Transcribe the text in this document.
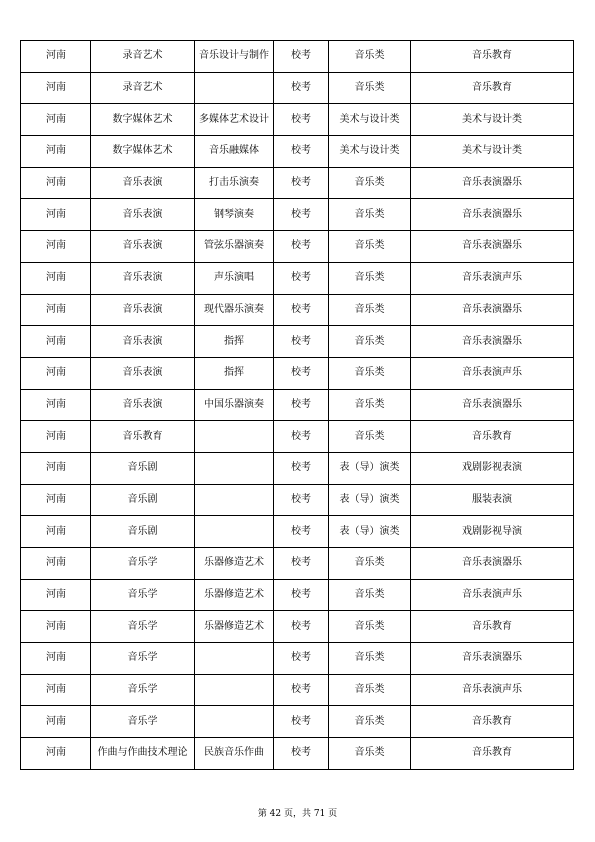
河南	录音艺术	音乐设计与制作	校考	音乐类	音乐教育
河南	录音艺术		校考	音乐类	音乐教育
河南	数字媒体艺术	多媒体艺术设计	校考	美术与设计类	美术与设计类
河南	数字媒体艺术	音乐融媒体	校考	美术与设计类	美术与设计类
河南	音乐表演	打击乐演奏	校考	音乐类	音乐表演器乐
河南	音乐表演	钢琴演奏	校考	音乐类	音乐表演器乐
河南	音乐表演	管弦乐器演奏	校考	音乐类	音乐表演器乐
河南	音乐表演	声乐演唱	校考	音乐类	音乐表演声乐
河南	音乐表演	现代器乐演奏	校考	音乐类	音乐表演器乐
河南	音乐表演	指挥	校考	音乐类	音乐表演器乐
河南	音乐表演	指挥	校考	音乐类	音乐表演声乐
河南	音乐表演	中国乐器演奏	校考	音乐类	音乐表演器乐
河南	音乐教育		校考	音乐类	音乐教育
河南	音乐剧		校考	表（导）演类	戏剧影视表演
河南	音乐剧		校考	表（导）演类	服装表演
河南	音乐剧		校考	表（导）演类	戏剧影视导演
河南	音乐学	乐器修造艺术	校考	音乐类	音乐表演器乐
河南	音乐学	乐器修造艺术	校考	音乐类	音乐表演声乐
河南	音乐学	乐器修造艺术	校考	音乐类	音乐教育
河南	音乐学		校考	音乐类	音乐表演器乐
河南	音乐学		校考	音乐类	音乐表演声乐
河南	音乐学		校考	音乐类	音乐教育
河南	作曲与作曲技术理论	民族音乐作曲	校考	音乐类	音乐教育
第 42 页，共 71 页
